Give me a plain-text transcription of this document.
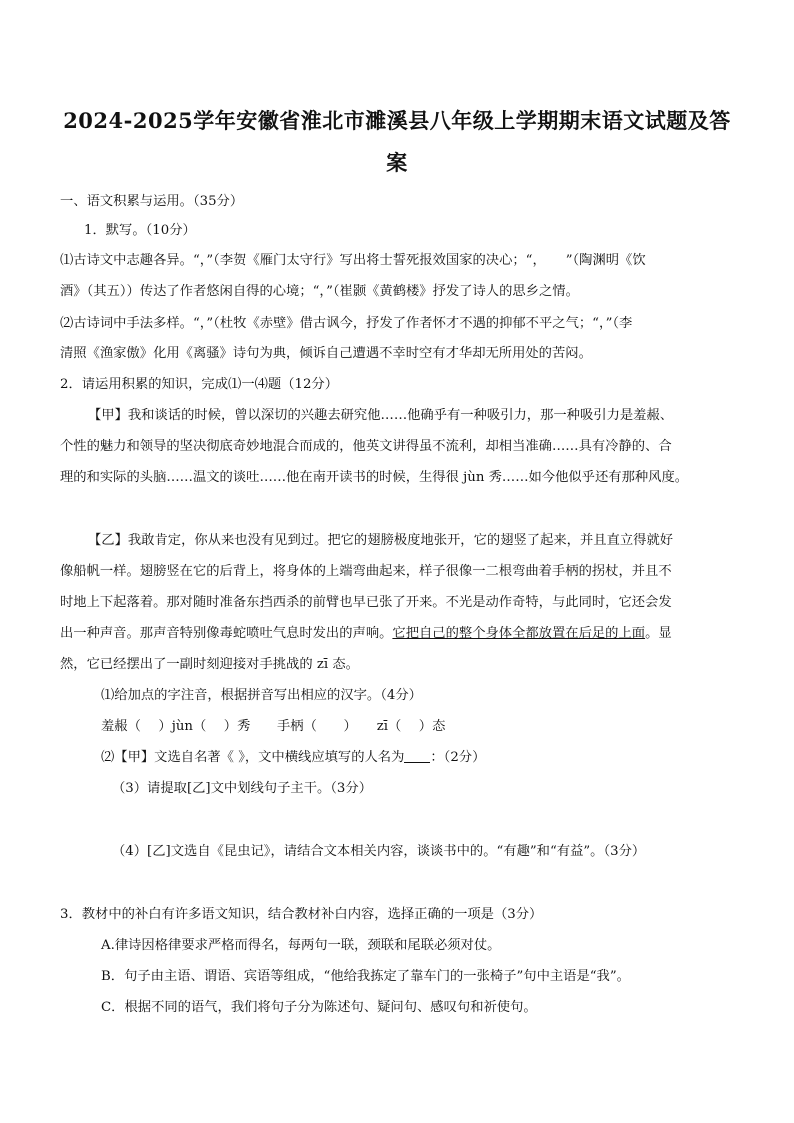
2024-2025学年安徽省淮北市濉溪县八年级上学期期末语文试题及答
案
一、语文积累与运用。（35分）
1．默写。（10分）
⑴古诗文中志趣各异。“，”（李贺《雁门太守行》写出将士誓死报效国家的决心；“，　　”（陶渊明《饮
酒》（其五））传达了作者悠闲自得的心境；“，”（崔颢《黄鹤楼》抒发了诗人的思乡之情。
⑵古诗词中手法多样。“，”（杜牧《赤壁》借古讽今，抒发了作者怀才不遇的抑郁不平之气；“，”（李
清照《渔家傲》化用《离骚》诗句为典，倾诉自己遭遇不幸时空有才华却无所用处的苦闷。
2．请运用积累的知识，完成⑴一⑷题（12分）
【甲】我和谈话的时候，曾以深切的兴趣去研究他……他确乎有一种吸引力，那一种吸引力是羞赧、
个性的魅力和领导的坚决彻底奇妙地混合而成的，他英文讲得虽不流利，却相当准确……具有冷静的、合
理的和实际的头脑……温文的谈吐……他在南开读书的时候，生得很 jùn 秀……如今他似乎还有那种风度。
【乙】我敢肯定，你从来也没有见到过。把它的翅膀极度地张开，它的翅竖了起来，并且直立得就好
像船帆一样。翅膀竖在它的后背上，将身体的上端弯曲起来，样子很像一二根弯曲着手柄的拐杖，并且不
时地上下起落着。那对随时准备东挡西杀的前臂也早已张了开来。不光是动作奇特，与此同时，它还会发
出一种声音。那声音特别像毒蛇喷吐气息时发出的声响。它把自己的整个身体全都放置在后足的上面。显
然，它已经摆出了一副时刻迎接对手挑战的 zī 态。
⑴给加点的字注音，根据拼音写出相应的汉字。（4分）
羞赧（　 ）jùn（　 ）秀　　手柄（　　）　　zī（　 ）态
⑵【甲】文选自名著《 》，文中横线应填写的人名为 ：（2分）
（3）请提取[乙]文中划线句子主干。（3分）
（4）[乙]文选自《昆虫记》，请结合文本相关内容，谈谈书中的。“有趣”和“有益”。（3分）
3．教材中的补白有许多语文知识，结合教材补白内容，选择正确的一项是（3分）
A.律诗因格律要求严格而得名，每两句一联，颈联和尾联必须对仗。
B．句子由主语、谓语、宾语等组成，“他给我拣定了靠车门的一张椅子”句中主语是“我”。
C．根据不同的语气，我们将句子分为陈述句、疑问句、感叹句和祈使句。
